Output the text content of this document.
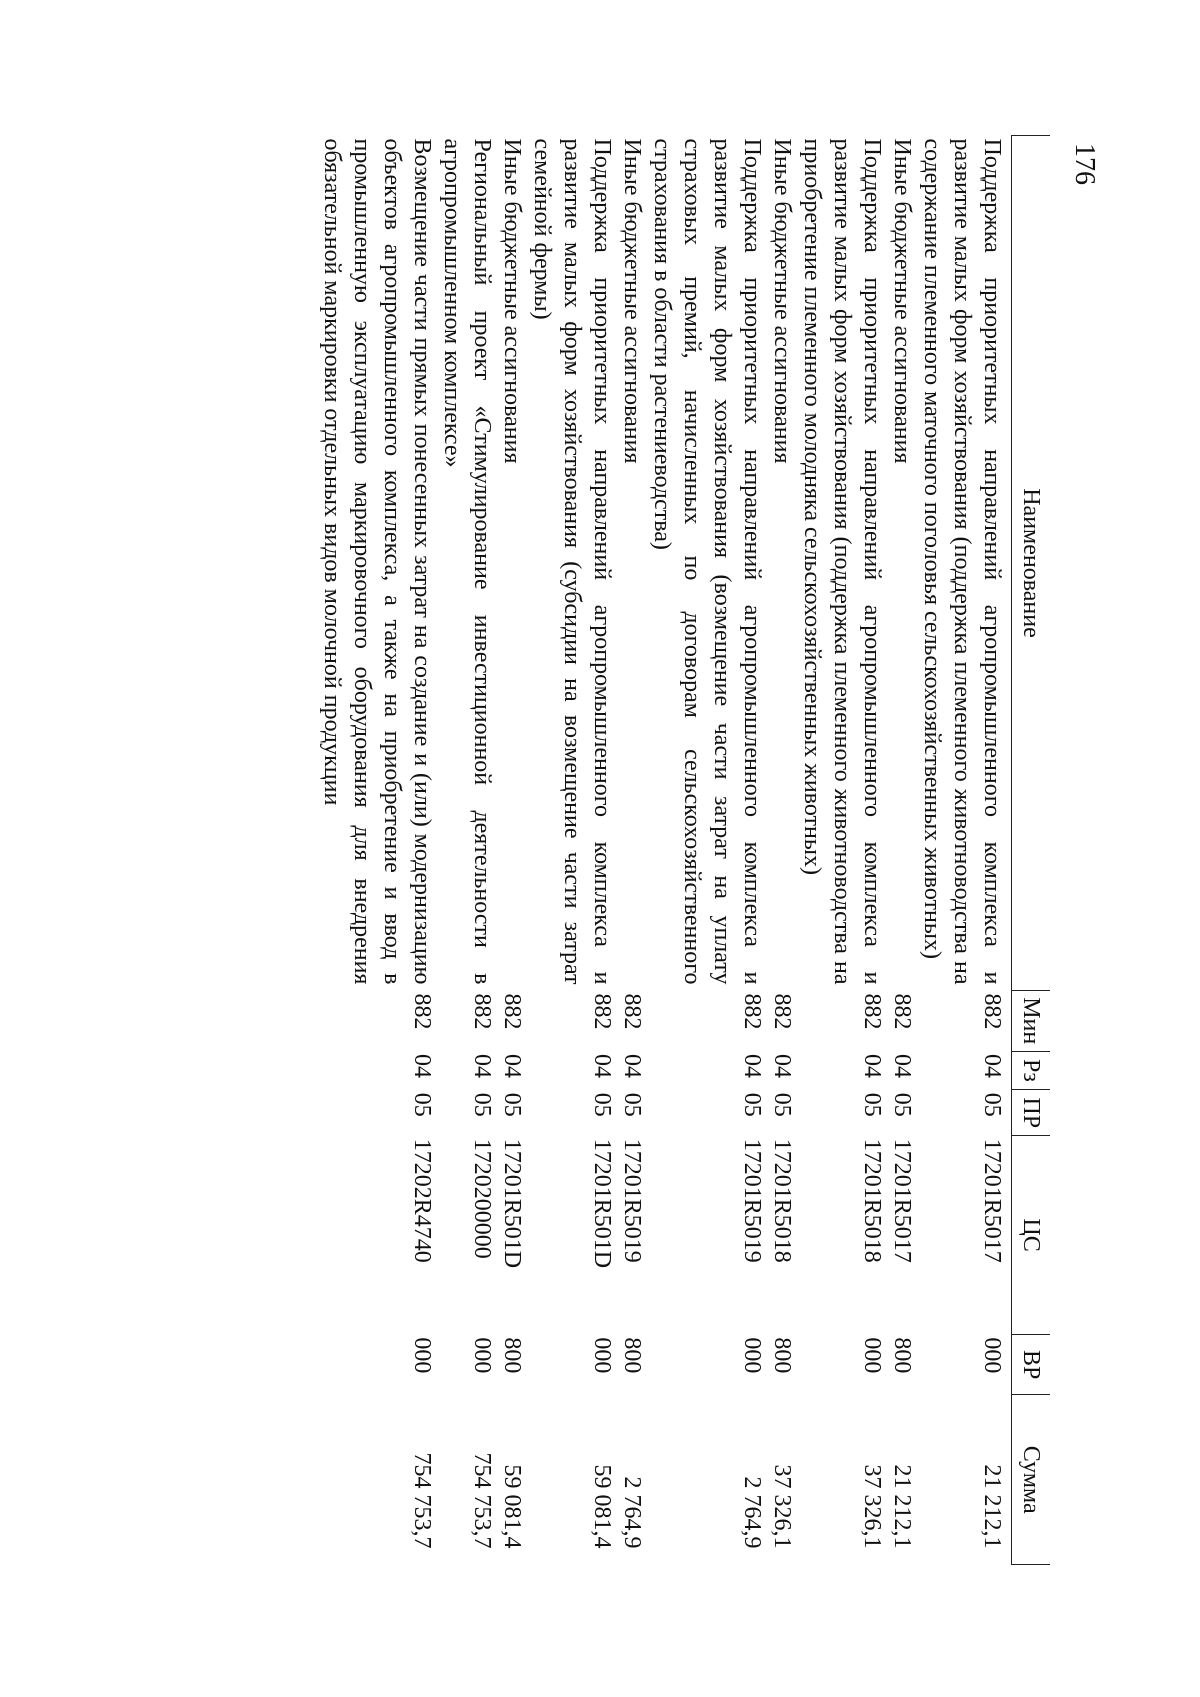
176
Наименование	Мин	Рз	ПР	ЦС	ВР	Сумма

Поддержка приоритетных направлений агропромышленного комплекса и развитие малых форм хозяйствования (поддержка племенного животноводства на содержание племенного маточного поголовья сельскохозяйственных животных)	882	04	05	17201R5017	000	21 212,1
Иные бюджетные ассигнования	882	04	05	17201R5017	800	21 212,1
Поддержка приоритетных направлений агропромышленного комплекса и развитие малых форм хозяйствования (поддержка племенного животноводства на приобретение племенного молодняка сельскохозяйственных животных)	882	04	05	17201R5018	000	37 326,1
Иные бюджетные ассигнования	882	04	05	17201R5018	800	37 326,1
Поддержка приоритетных направлений агропромышленного комплекса и развитие малых форм хозяйствования (возмещение части затрат на уплату страховых премий, начисленных по договорам сельскохозяйственного страхования в области растениеводства)	882	04	05	17201R5019	000	2 764,9
Иные бюджетные ассигнования	882	04	05	17201R5019	800	2 764,9
Поддержка приоритетных направлений агропромышленного комплекса и развитие малых форм хозяйствования (субсидии на возмещение части затрат семейной фермы)	882	04	05	17201R501D	000	59 081,4
Иные бюджетные ассигнования	882	04	05	17201R501D	800	59 081,4
Региональный проект «Стимулирование инвестиционной деятельности в агропромышленном комплексе»	882	04	05	1720200000	000	754 753,7
Возмещение части прямых понесенных затрат на создание и (или) модернизацию объектов агропромышленного комплекса, а также на приобретение и ввод в промышленную эксплуатацию маркировочного оборудования для внедрения обязательной маркировки отдельных видов молочной продукции	882	04	05	17202R4740	000	754 753,7
